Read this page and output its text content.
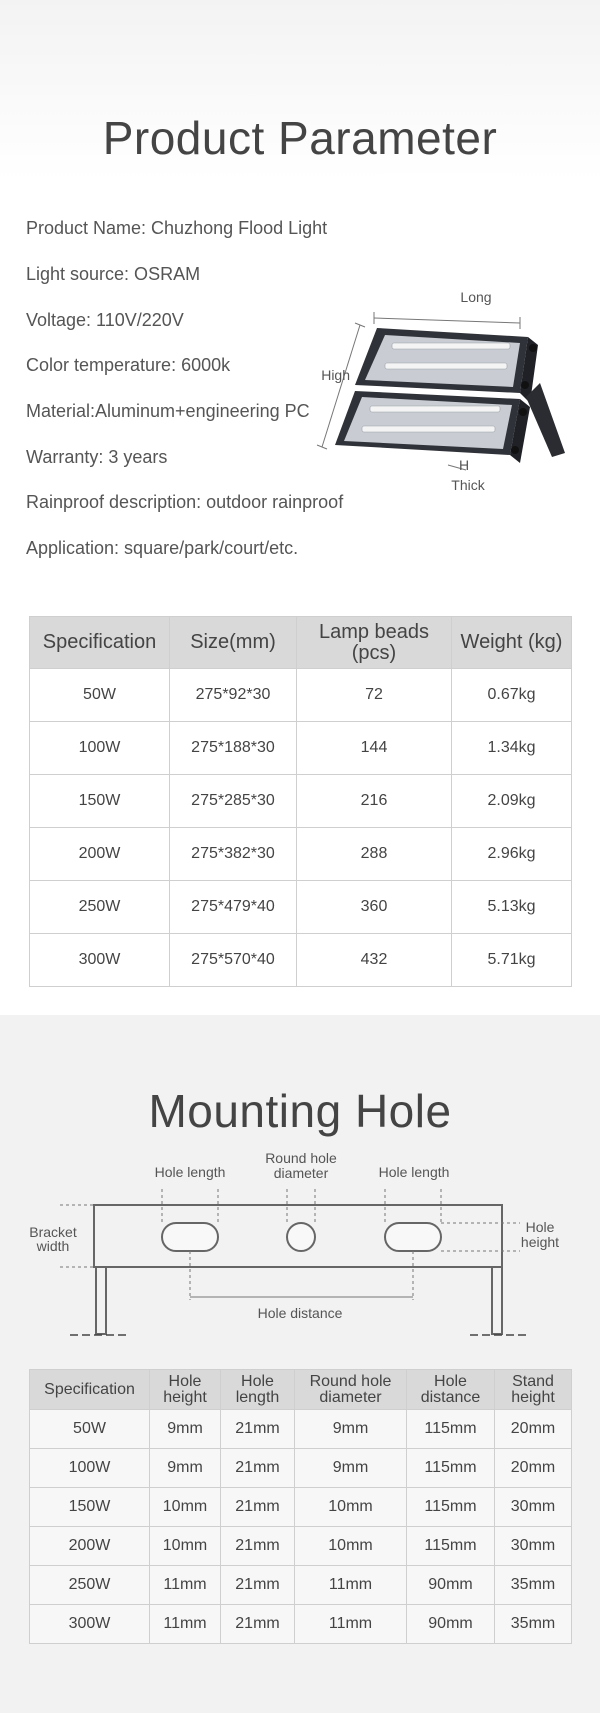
Product Parameter
Product Name: Chuzhong Flood Light
Light source: OSRAM
Voltage: 110V/220V
Color temperature: 6000k
Material:Aluminum+engineering PC
Warranty: 3 years
Rainproof description: outdoor rainproof
Application: square/park/court/etc.
Long
High
H
Thick
Specification	Size(mm)	Lamp beads (pcs)	Weight (kg)
50W	275*92*30	72	0.67kg
100W	275*188*30	144	1.34kg
150W	275*285*30	216	2.09kg
200W	275*382*30	288	2.96kg
250W	275*479*40	360	5.13kg
300W	275*570*40	432	5.71kg
Mounting Hole
Hole length
Round hole
diameter	Hole length
Bracket
width
Hole
height
Hole distance
Specification	Hole height	Hole length	Round hole diameter	Hole distance	Stand height
50W	9mm	21mm	9mm	115mm	20mm
100W	9mm	21mm	9mm	115mm	20mm
150W	10mm	21mm	10mm	115mm	30mm
200W	10mm	21mm	10mm	115mm	30mm
250W	11mm	21mm	11mm	90mm	35mm
300W	11mm	21mm	11mm	90mm	35mm
